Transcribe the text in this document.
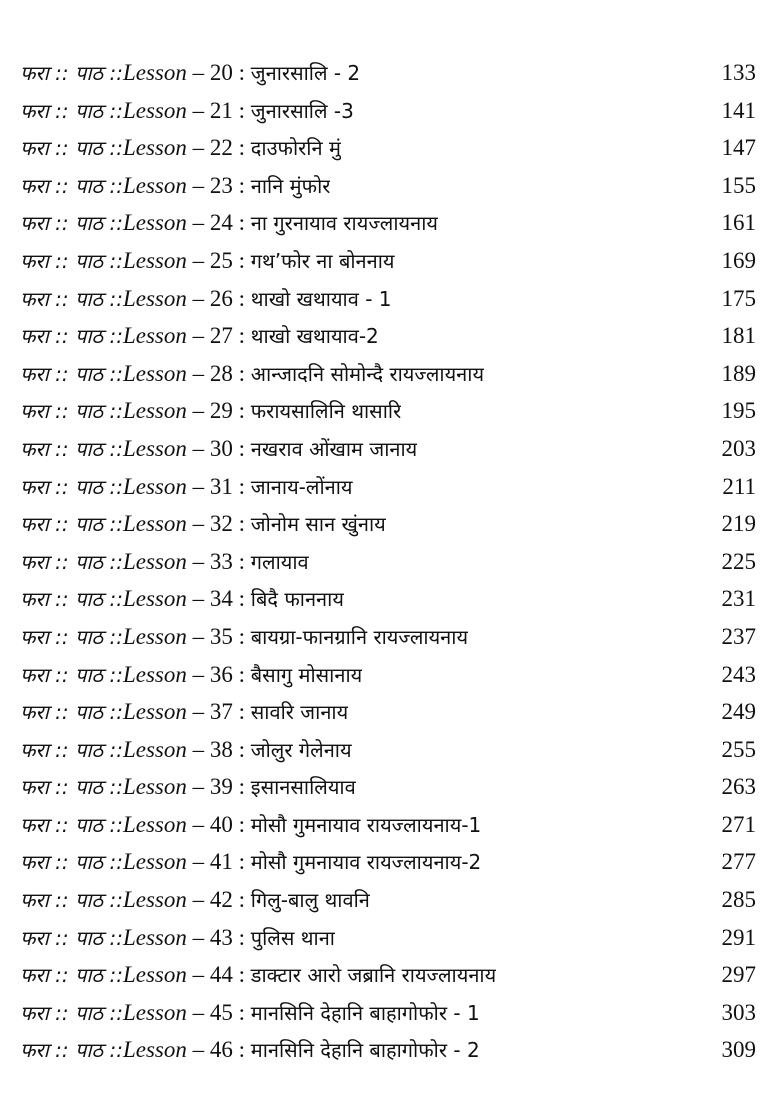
फरा :: पाठ :: Lesson – 20 : जुनारसालि - 2	133
फरा :: पाठ :: Lesson – 21 : जुनारसालि -3	141
फरा :: पाठ :: Lesson – 22 : दाउफोरनि मुं	147
फरा :: पाठ :: Lesson – 23 : नानि मुंफोर	155
फरा :: पाठ :: Lesson – 24 : ना गुरनायाव रायज्लायनाय	161
फरा :: पाठ :: Lesson – 25 : गथ’फोर ना बोननाय	169
फरा :: पाठ :: Lesson – 26 : थाखो खथायाव - 1	175
फरा :: पाठ :: Lesson – 27 : थाखो खथायाव-2	181
फरा :: पाठ :: Lesson – 28 : आन्जादनि सोमोन्दै रायज्लायनाय	189
फरा :: पाठ :: Lesson – 29 : फरायसालिनि थासारि	195
फरा :: पाठ :: Lesson – 30 : नखराव ओंखाम जानाय	203
फरा :: पाठ :: Lesson – 31 : जानाय-लोंनाय	211
फरा :: पाठ :: Lesson – 32 : जोनोम सान खुंनाय	219
फरा :: पाठ :: Lesson – 33 : गलायाव	225
फरा :: पाठ :: Lesson – 34 : बिदै फाननाय	231
फरा :: पाठ :: Lesson – 35 : बायग्रा-फानग्रानि रायज्लायनाय	237
फरा :: पाठ :: Lesson – 36 : बैसागु मोसानाय	243
फरा :: पाठ :: Lesson – 37 : सावरि जानाय	249
फरा :: पाठ :: Lesson – 38 : जोलुर गेलेनाय	255
फरा :: पाठ :: Lesson – 39 : इसानसालियाव	263
फरा :: पाठ :: Lesson – 40 : मोसौ गुमनायाव रायज्लायनाय-1	271
फरा :: पाठ :: Lesson – 41 : मोसौ गुमनायाव रायज्लायनाय-2	277
फरा :: पाठ :: Lesson – 42 : गिलु-बालु थावनि	285
फरा :: पाठ :: Lesson – 43 : पुलिस थाना	291
फरा :: पाठ :: Lesson – 44 : डाक्टार आरो जब्रानि रायज्लायनाय	297
फरा :: पाठ :: Lesson – 45 : मानसिनि देहानि बाहागोफोर - 1	303
फरा :: पाठ :: Lesson – 46 : मानसिनि देहानि बाहागोफोर - 2	309
